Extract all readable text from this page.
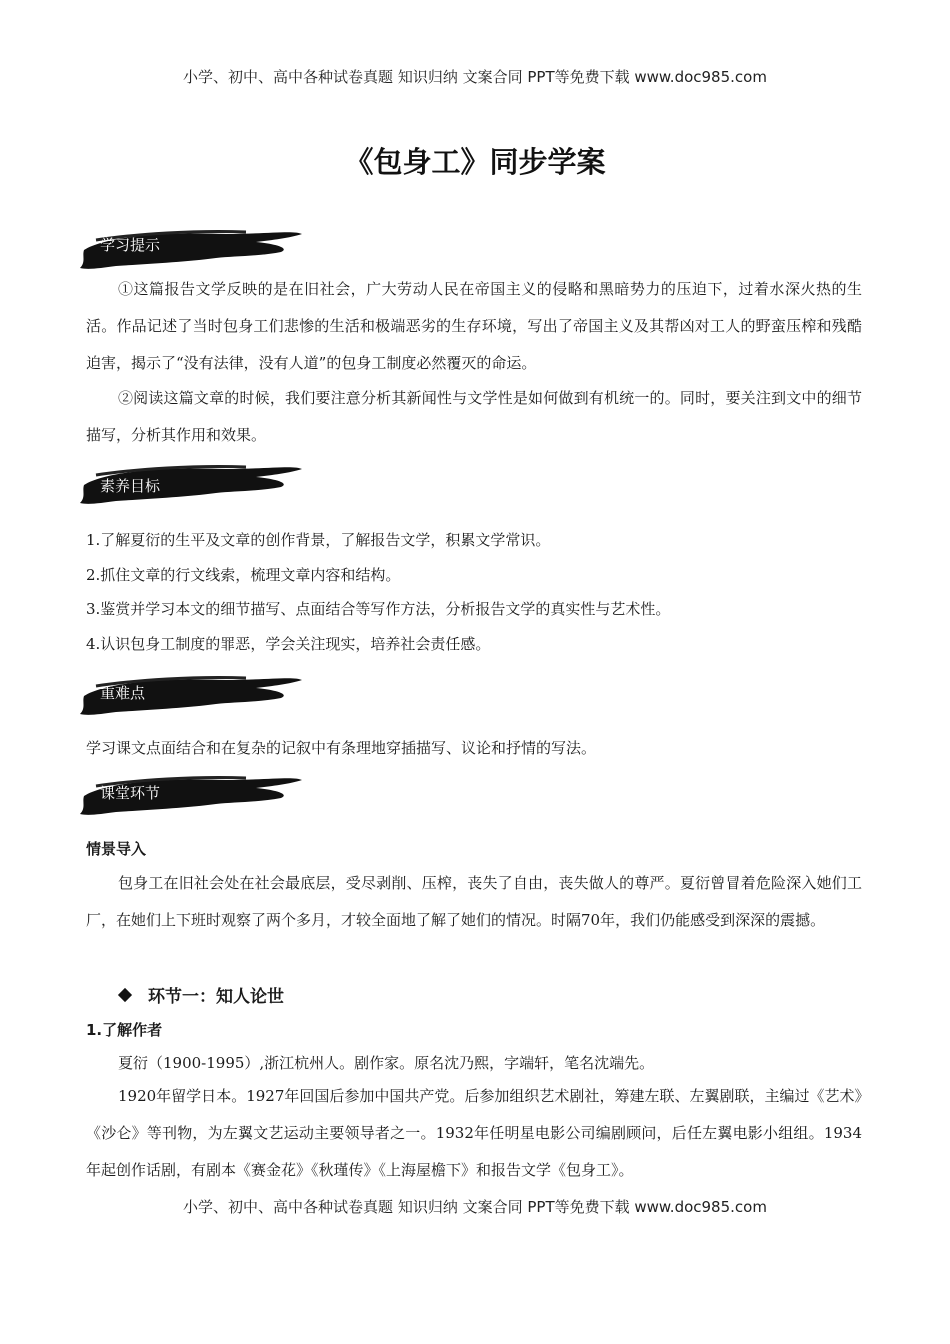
小学、初中、高中各种试卷真题 知识归纳 文案合同 PPT等免费下载 www.doc985.com
《包身工》同步学案
学习提示
①这篇报告文学反映的是在旧社会，广大劳动人民在帝国主义的侵略和黑暗势力的压迫下，过着水深火热的生活。作品记述了当时包身工们悲惨的生活和极端恶劣的生存环境，写出了帝国主义及其帮凶对工人的野蛮压榨和残酷迫害，揭示了“没有法律，没有人道”的包身工制度必然覆灭的命运。
②阅读这篇文章的时候，我们要注意分析其新闻性与文学性是如何做到有机统一的。同时，要关注到文中的细节描写，分析其作用和效果。
素养目标
1.了解夏衍的生平及文章的创作背景，了解报告文学，积累文学常识。
2.抓住文章的行文线索，梳理文章内容和结构。
3.鉴赏并学习本文的细节描写、点面结合等写作方法，分析报告文学的真实性与艺术性。
4.认识包身工制度的罪恶，学会关注现实，培养社会责任感。
重难点
学习课文点面结合和在复杂的记叙中有条理地穿插描写、议论和抒情的写法。
课堂环节
情景导入
包身工在旧社会处在社会最底层，受尽剥削、压榨，丧失了自由，丧失做人的尊严。夏衍曾冒着危险深入她们工厂，在她们上下班时观察了两个多月，才较全面地了解了她们的情况。时隔70年，我们仍能感受到深深的震撼。
环节一：知人论世
1.了解作者
夏衍（1900-1995）,浙江杭州人。剧作家。原名沈乃熙，字端轩，笔名沈端先。
1920年留学日本。1927年回国后参加中国共产党。后参加组织艺术剧社，筹建左联、左翼剧联，主编过《艺术》《沙仑》等刊物，为左翼文艺运动主要领导者之一。1932年任明星电影公司编剧顾问，后任左翼电影小组组。1934年起创作话剧，有剧本《赛金花》《秋瑾传》《上海屋檐下》和报告文学《包身工》。
小学、初中、高中各种试卷真题 知识归纳 文案合同 PPT等免费下载 www.doc985.com
